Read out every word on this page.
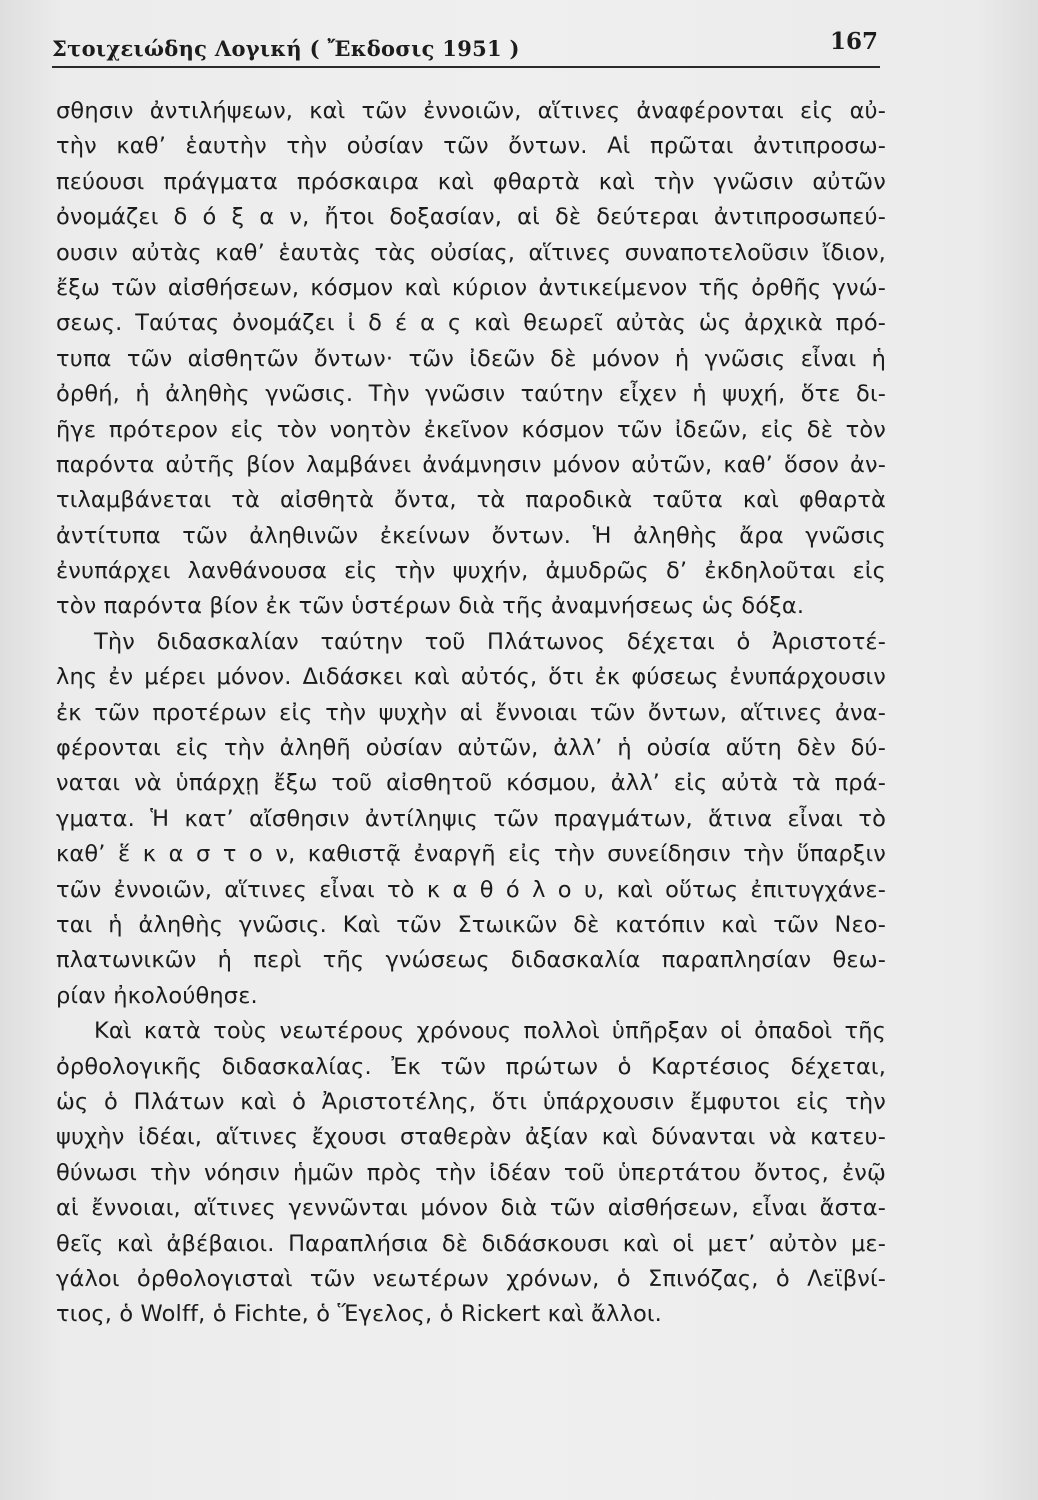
Στοιχειώδης Λογική ( Ἔκδοσις 1951 )	167
σθησιν ἀντιλήψεων, καὶ τῶν ἐννοιῶν, αἵτινες ἀναφέρονται εἰς αὐ-
τὴν καθ’ ἑαυτὴν τὴν οὐσίαν τῶν ὄντων. Αἱ πρῶται ἀντιπροσω-
πεύουσι πράγματα πρόσκαιρα καὶ φθαρτὰ καὶ τὴν γνῶσιν αὐτῶν
ὀνομάζει δ ό ξ α ν, ἤτοι δοξασίαν, αἱ δὲ δεύτεραι ἀντιπροσωπεύ-
ουσιν αὐτὰς καθ’ ἑαυτὰς τὰς οὐσίας, αἵτινες συναποτελοῦσιν ἴδιον,
ἔξω τῶν αἰσθήσεων, κόσμον καὶ κύριον ἀντικείμενον τῆς ὀρθῆς γνώ-
σεως. Ταύτας ὀνομάζει ἰ δ έ α ς καὶ θεωρεῖ αὐτὰς ὡς ἀρχικὰ πρό-
τυπα τῶν αἰσθητῶν ὄντων· τῶν ἰδεῶν δὲ μόνον ἡ γνῶσις εἶναι ἡ
ὀρθή, ἡ ἀληθὴς γνῶσις. Τὴν γνῶσιν ταύτην εἶχεν ἡ ψυχή, ὅτε δι-
ῆγε πρότερον εἰς τὸν νοητὸν ἐκεῖνον κόσμον τῶν ἰδεῶν, εἰς δὲ τὸν
παρόντα αὐτῆς βίον λαμβάνει ἀνάμνησιν μόνον αὐτῶν, καθ’ ὅσον ἀν-
τιλαμβάνεται τὰ αἰσθητὰ ὄντα, τὰ παροδικὰ ταῦτα καὶ φθαρτὰ
ἀντίτυπα τῶν ἀληθινῶν ἐκείνων ὄντων. Ἡ ἀληθὴς ἄρα γνῶσις
ἐνυπάρχει λανθάνουσα εἰς τὴν ψυχήν, ἀμυδρῶς δ’ ἐκδηλοῦται εἰς
τὸν παρόντα βίον ἐκ τῶν ὑστέρων διὰ τῆς ἀναμνήσεως ὡς δόξα.
Τὴν διδασκαλίαν ταύτην τοῦ Πλάτωνος δέχεται ὁ Ἀριστοτέ-
λης ἐν μέρει μόνον. Διδάσκει καὶ αὐτός, ὅτι ἐκ φύσεως ἐνυπάρχουσιν
ἐκ τῶν προτέρων εἰς τὴν ψυχὴν αἱ ἔννοιαι τῶν ὄντων, αἵτινες ἀνα-
φέρονται εἰς τὴν ἀληθῆ οὐσίαν αὐτῶν, ἀλλ’ ἡ οὐσία αὕτη δὲν δύ-
ναται νὰ ὑπάρχῃ ἔξω τοῦ αἰσθητοῦ κόσμου, ἀλλ’ εἰς αὐτὰ τὰ πρά-
γματα. Ἡ κατ’ αἴσθησιν ἀντίληψις τῶν πραγμάτων, ἅτινα εἶναι τὸ
καθ’ ἕ κ α σ τ ο ν, καθιστᾷ ἐναργῆ εἰς τὴν συνείδησιν τὴν ὕπαρξιν
τῶν ἐννοιῶν, αἵτινες εἶναι τὸ κ α θ ό λ ο υ, καὶ οὕτως ἐπιτυγχάνε-
ται ἡ ἀληθὴς γνῶσις. Καὶ τῶν Στωικῶν δὲ κατόπιν καὶ τῶν Νεο-
πλατωνικῶν ἡ περὶ τῆς γνώσεως διδασκαλία παραπλησίαν θεω-
ρίαν ἠκολούθησε.
Καὶ κατὰ τοὺς νεωτέρους χρόνους πολλοὶ ὑπῆρξαν οἱ ὀπαδοὶ τῆς
ὀρθολογικῆς διδασκαλίας. Ἐκ τῶν πρώτων ὁ Καρτέσιος δέχεται,
ὡς ὁ Πλάτων καὶ ὁ Ἀριστοτέλης, ὅτι ὑπάρχουσιν ἔμφυτοι εἰς τὴν
ψυχὴν ἰδέαι, αἵτινες ἔχουσι σταθερὰν ἀξίαν καὶ δύνανται νὰ κατευ-
θύνωσι τὴν νόησιν ἡμῶν πρὸς τὴν ἰδέαν τοῦ ὑπερτάτου ὄντος, ἐνῷ
αἱ ἔννοιαι, αἵτινες γεννῶνται μόνον διὰ τῶν αἰσθήσεων, εἶναι ἄστα-
θεῖς καὶ ἀβέβαιοι. Παραπλήσια δὲ διδάσκουσι καὶ οἱ μετ’ αὐτὸν με-
γάλοι ὀρθολογισταὶ τῶν νεωτέρων χρόνων, ὁ Σπινόζας, ὁ Λεϊβνί-
τιος, ὁ Wolff, ὁ Fichte, ὁ Ἕγελος, ὁ Rickert καὶ ἄλλοι.
